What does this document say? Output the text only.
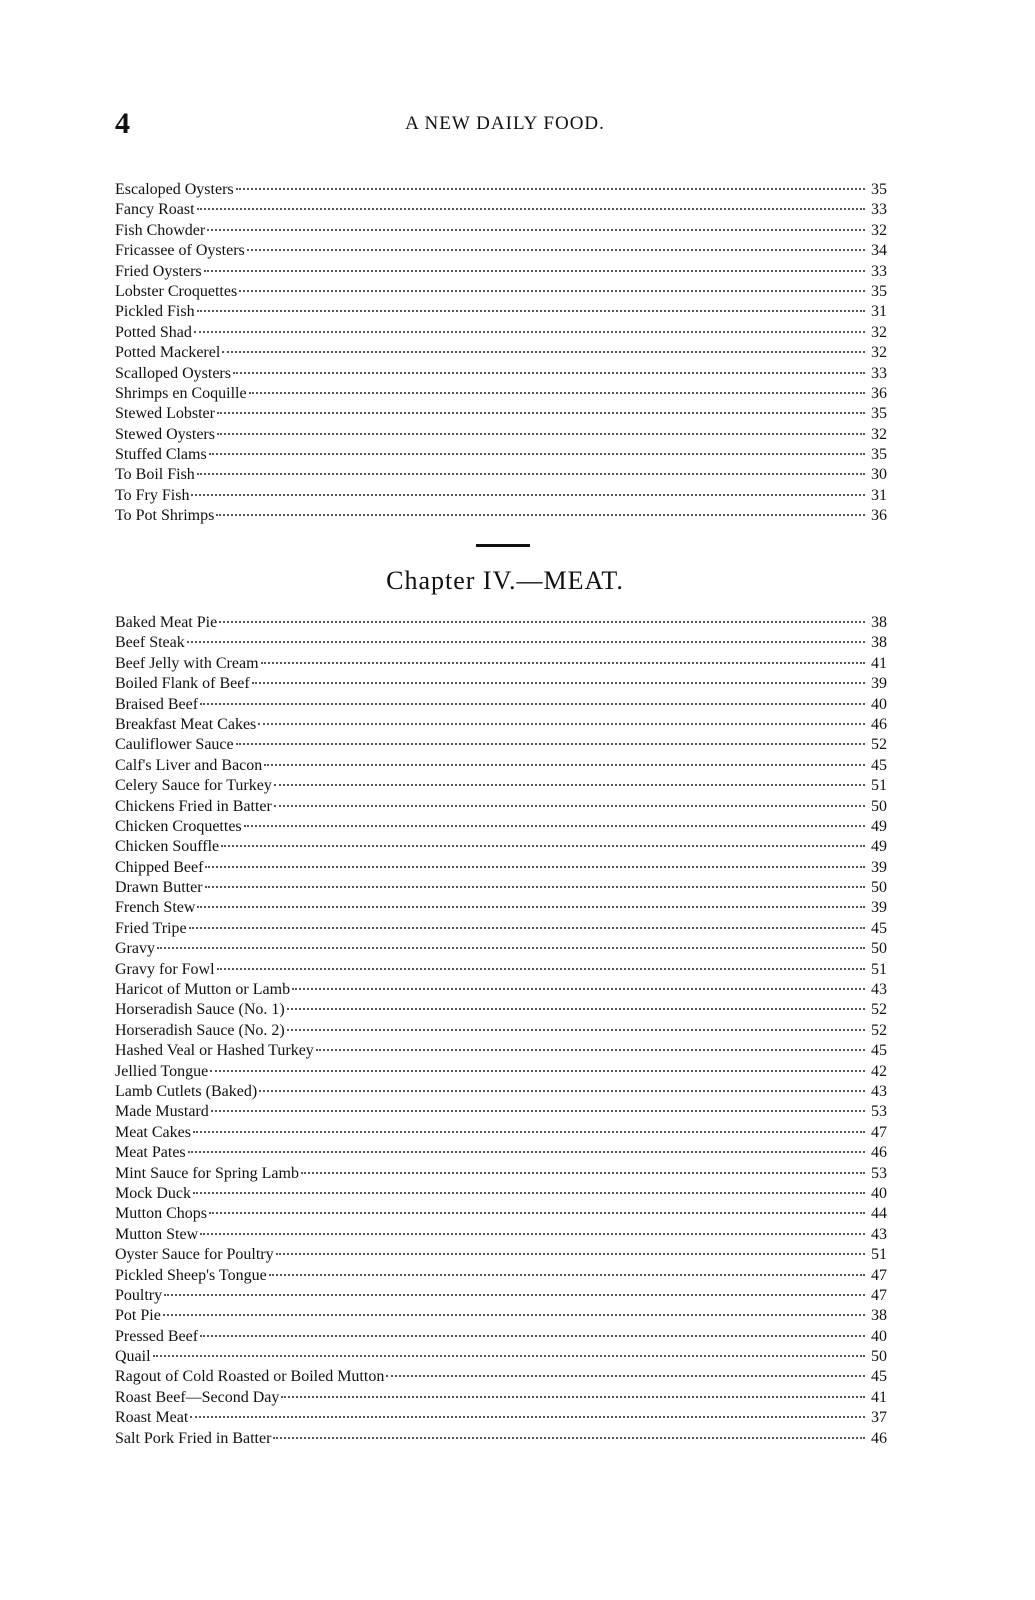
4	A NEW DAILY FOOD.
Escaloped Oysters	35
Fancy Roast	33
Fish Chowder	32
Fricassee of Oysters	34
Fried Oysters	33
Lobster Croquettes	35
Pickled Fish	31
Potted Shad	32
Potted Mackerel	32
Scalloped Oysters	33
Shrimps en Coquille	36
Stewed Lobster	35
Stewed Oysters	32
Stuffed Clams	35
To Boil Fish	30
To Fry Fish	31
To Pot Shrimps	36
Chapter IV.—MEAT.
Baked Meat Pie	38
Beef Steak	38
Beef Jelly with Cream	41
Boiled Flank of Beef	39
Braised Beef	40
Breakfast Meat Cakes	46
Cauliflower Sauce	52
Calf's Liver and Bacon	45
Celery Sauce for Turkey	51
Chickens Fried in Batter	50
Chicken Croquettes	49
Chicken Souffle	49
Chipped Beef	39
Drawn Butter	50
French Stew	39
Fried Tripe	45
Gravy	50
Gravy for Fowl	51
Haricot of Mutton or Lamb	43
Horseradish Sauce (No. 1)	52
Horseradish Sauce (No. 2)	52
Hashed Veal or Hashed Turkey	45
Jellied Tongue	42
Lamb Cutlets (Baked)	43
Made Mustard	53
Meat Cakes	47
Meat Pates	46
Mint Sauce for Spring Lamb	53
Mock Duck	40
Mutton Chops	44
Mutton Stew	43
Oyster Sauce for Poultry	51
Pickled Sheep's Tongue	47
Poultry	47
Pot Pie	38
Pressed Beef	40
Quail	50
Ragout of Cold Roasted or Boiled Mutton	45
Roast Beef—Second Day	41
Roast Meat	37
Salt Pork Fried in Batter	46
